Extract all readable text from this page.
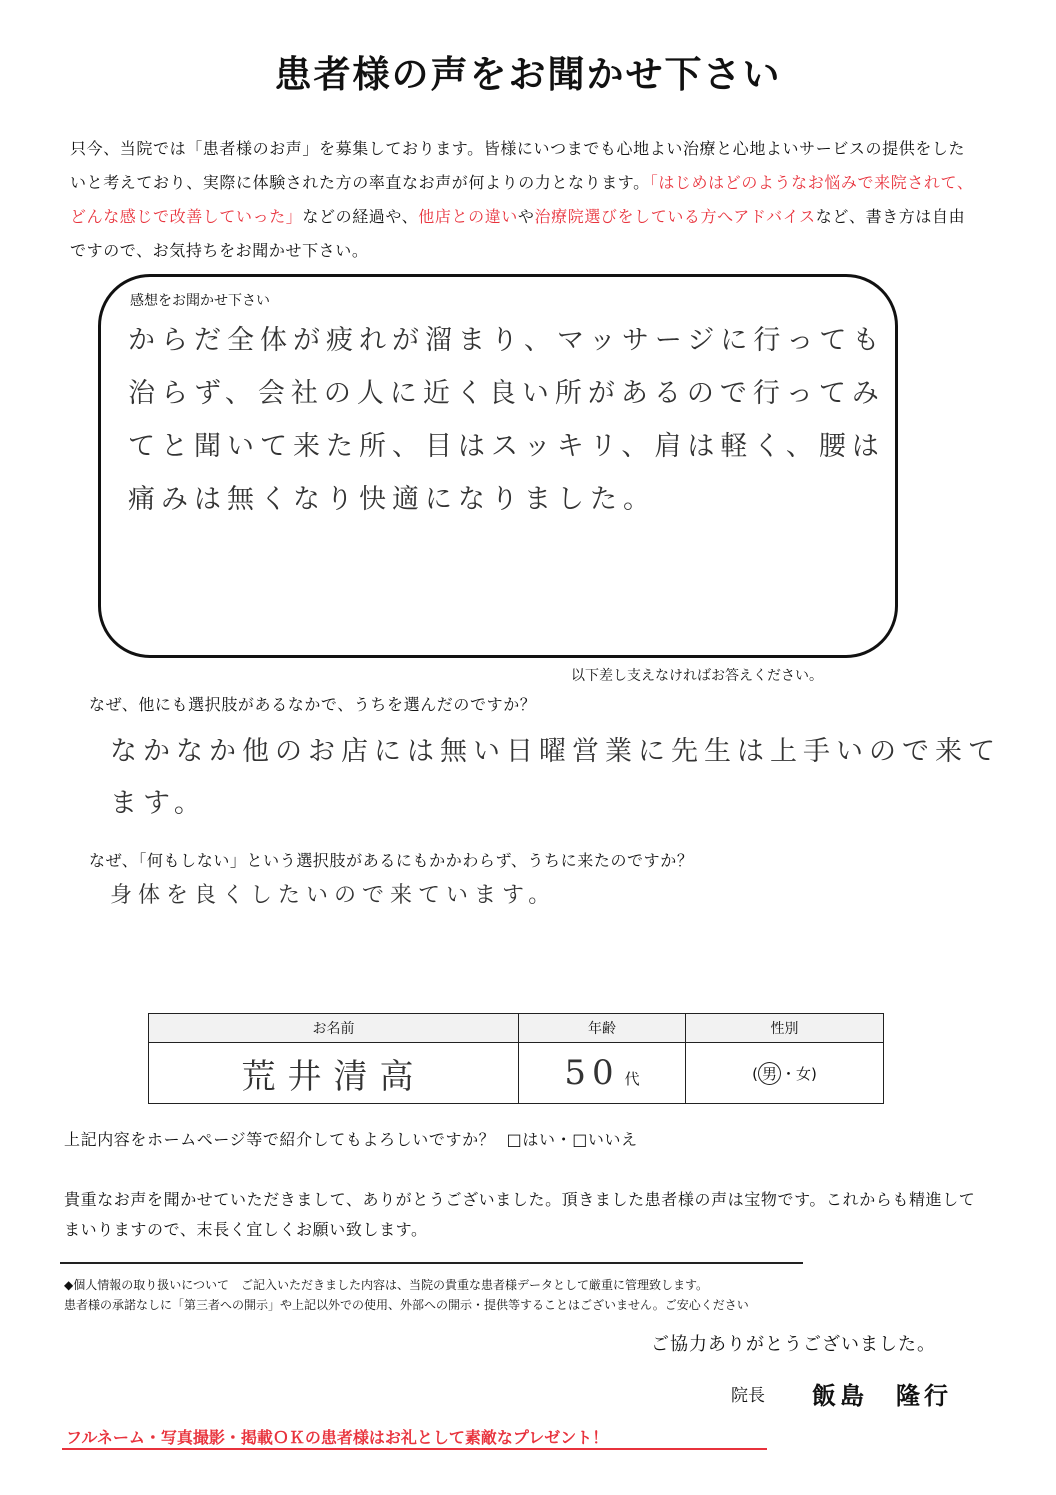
患者様の声をお聞かせ下さい
只今、当院では「患者様のお声」を募集しております。皆様にいつまでも心地よい治療と心地よいサービスの提供をしたいと考えており、実際に体験された方の率直なお声が何よりの力となります。「はじめはどのようなお悩みで来院されて、どんな感じで改善していった」などの経過や、他店との違いや治療院選びをしている方へアドバイスなど、書き方は自由ですので、お気持ちをお聞かせ下さい。
感想をお聞かせ下さい
からだ全体が疲れが溜まり、マッサージに行っても治らず、会社の人に近く良い所があるので行ってみてと聞いて来た所、目はスッキリ、肩は軽く、腰は痛みは無くなり快適になりました。
以下差し支えなければお答えください。
なぜ、他にも選択肢があるなかで、うちを選んだのですか？
なかなか他のお店には無い日曜営業に先生は上手いので来てます。
なぜ、「何もしない」という選択肢があるにもかかわらず、うちに来たのですか？
身体を良くしたいので来ています。
お名前	年齢	性別
荒井清高	50 代	( 男 ・女)
上記内容をホームページ等で紹介してもよろしいですか？ □はい・□いいえ
貴重なお声を聞かせていただきまして、ありがとうございました。頂きました患者様の声は宝物です。これからも精進してまいりますので、末長く宜しくお願い致します。
◆個人情報の取り扱いについて　ご記入いただきました内容は、当院の貴重な患者様データとして厳重に管理致します。
患者様の承諾なしに「第三者への開示」や上記以外での使用、外部への開示・提供等することはございません。ご安心ください
ご協力ありがとうございました。
院長 飯島　隆行
フルネーム・写真撮影・掲載ＯＫの患者様はお礼として素敵なプレゼント！
